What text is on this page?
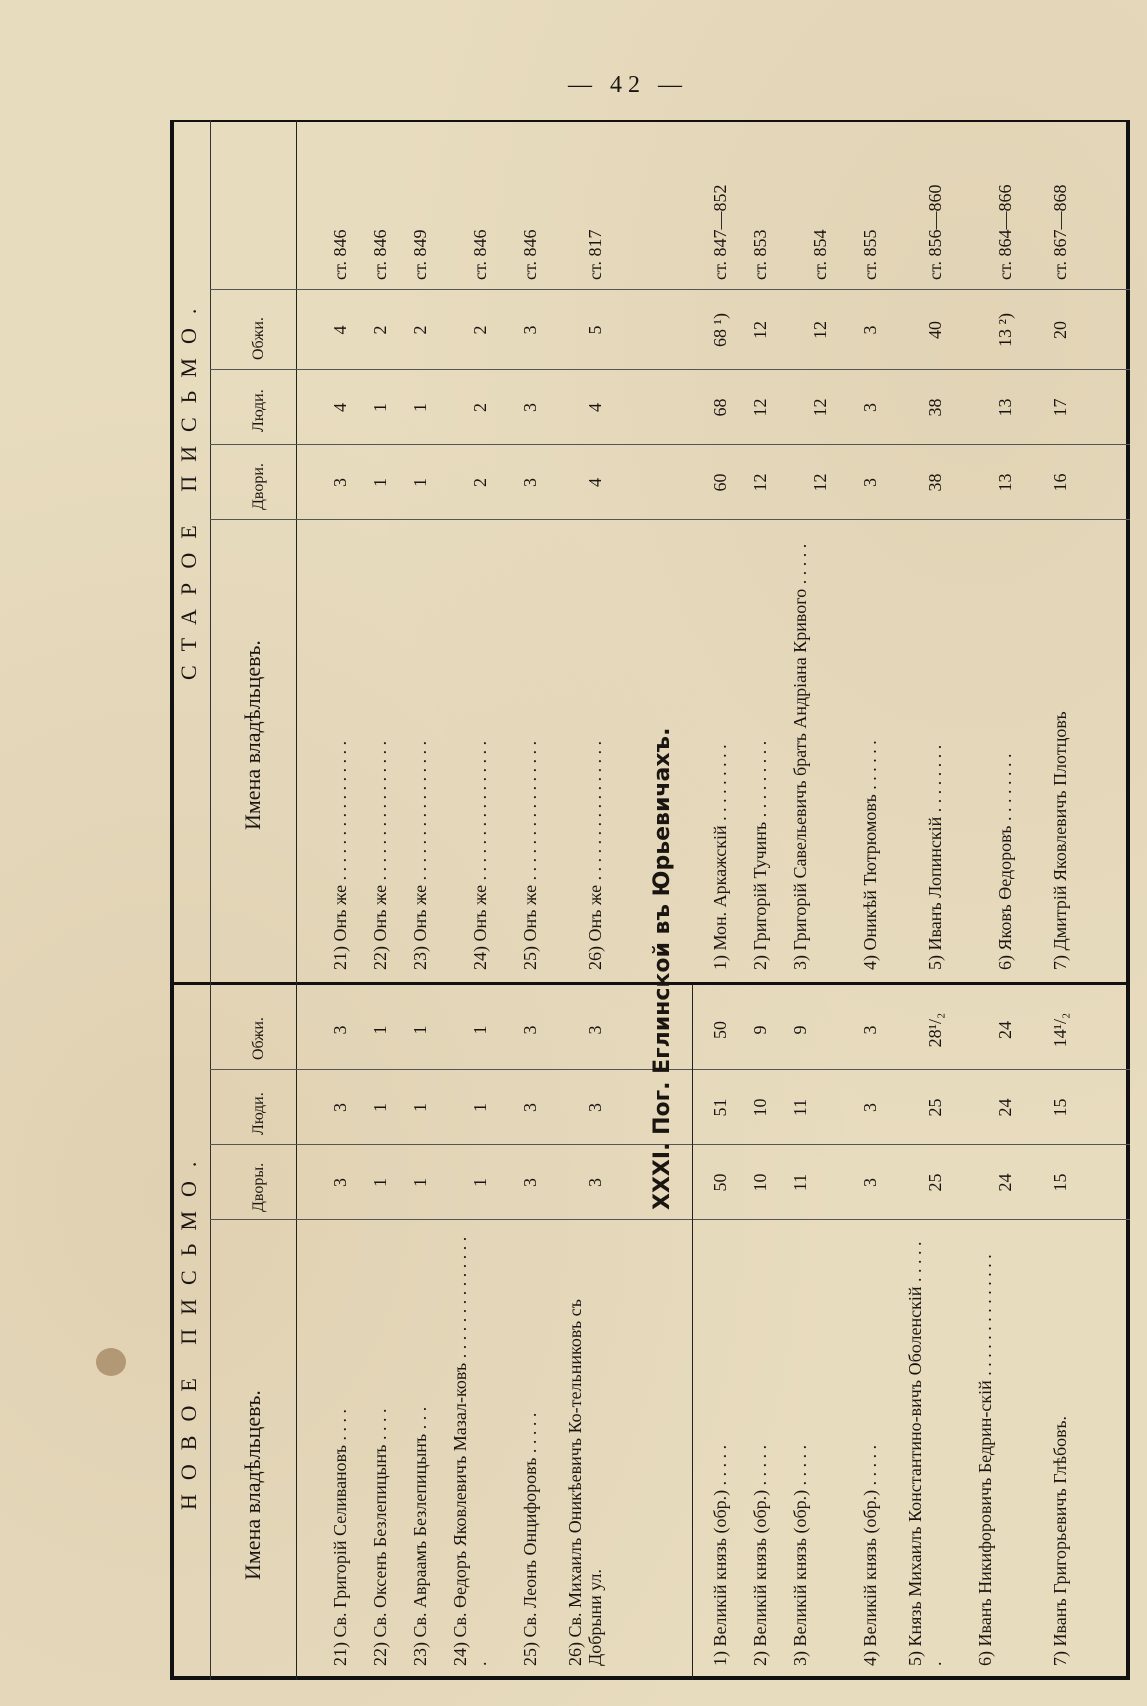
— 42 —
НОВОЕ ПИСЬМО.
СТАРОЕ ПИСЬМО.
Имена владѣльцевъ.
Дворы.
Люди.
Обжи.
Имена владѣльцевъ.
Двори.
Люди.
Обжи.
21) Св. Григорій Селивановъ . . . .
3
3
3
21) Онъ же . . . . . . . . . . . . . . . .
3
4
4
ст. 846
22) Св. Оксенъ Безлепицынъ . . . .
1
1
1
22) Онъ же . . . . . . . . . . . . . . . .
1
1
2
ст. 846
23) Св. Авраамъ Безлепицынъ . . .
1
1
1
23) Онъ же . . . . . . . . . . . . . . . .
1
1
2
ст. 849
24) Св. Өедоръ Яковлевичъ Мазал-ковъ . . . . . . . . . . . . . . .
1
1
1
24) Онъ же . . . . . . . . . . . . . . . .
2
2
2
ст. 846
25) Св. Леонъ Онцифоровъ . . . . .
3
3
3
25) Онъ же . . . . . . . . . . . . . . . .
3
3
3
ст. 846
26) Св. Михаилъ Оникѣевичъ Ко-тельниковъ съ Добрыни ул.
3
3
3
26) Онъ же . . . . . . . . . . . . . . . .
4
4
5
ст. 817
XXXI. Пог. Еглинской въ Юрьевичахъ.
1) Великій князь (обр.) . . . . .
50
51
50
1) Мон. Аркажскій . . . . . . . . .
60
68
68 ¹)
ст. 847—852
2) Великій князь (обр.) . . . . .
10
10
9
2) Григорій Тучинъ . . . . . . . . .
12
12
12
ст. 853
3) Великій князь (обр.) . . . . .
11
11
9
3) Григорій Савельевичъ братъ Андріана Кривого . . . . .
12
12
12
ст. 854
4) Великій князь (обр.) . . . . .
3
3
3
4) Оникѣй Тютрюмовъ . . . . . .
3
3
3
ст. 855
5) Князь Михаилъ Константино-вичъ Оболенскій . . . . . .
25
25
28¹/₂
5) Иванъ Лопинскій . . . . . . . .
38
38
40
ст. 856—860
6) Иванъ Никифоровичъ Бедрин-скій . . . . . . . . . . . . . .
24
24
24
6) Яковъ Өедоровъ . . . . . . . .
13
13
13 ²)
ст. 864—866
7) Иванъ Григорьевичъ Глѣбовъ.
15
15
14¹/₂
7) Дмитрій Яковлевичъ Плотцовъ
16
17
20
ст. 867—868
